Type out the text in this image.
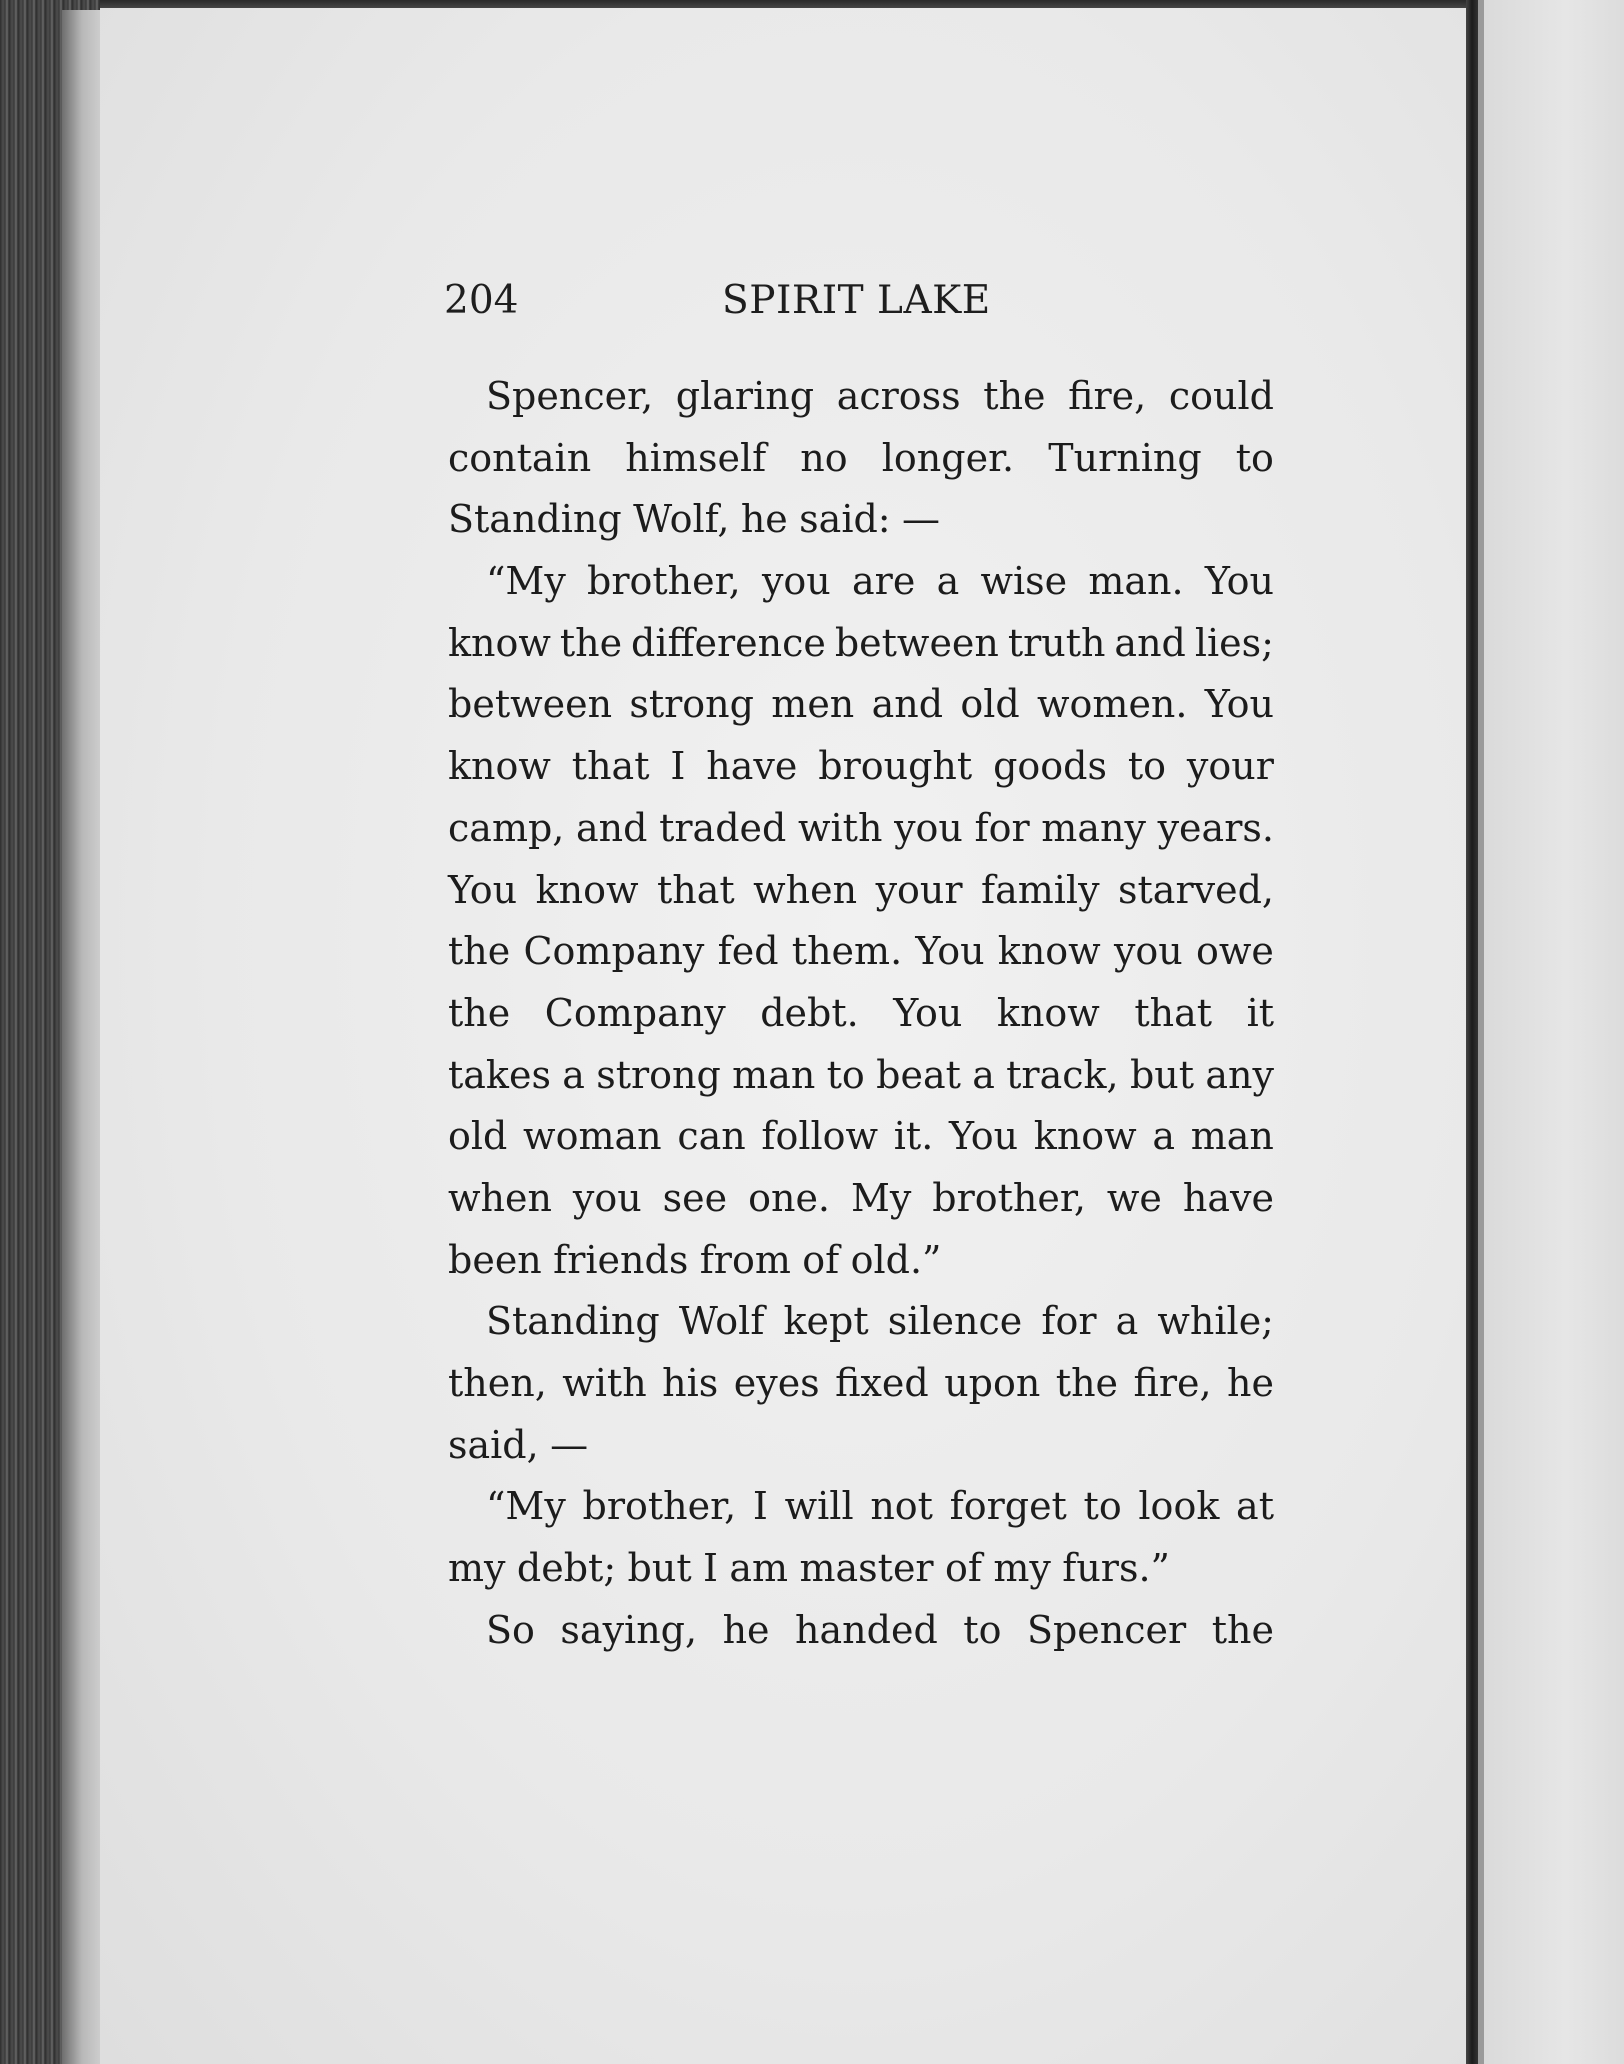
204	SPIRIT LAKE
Spencer, glaring across the fire, could
contain himself no longer. Turning to
Standing Wolf, he said: —
“My brother, you are a wise man. You
know the difference between truth and lies;
between strong men and old women. You
know that I have brought goods to your
camp, and traded with you for many years.
You know that when your family starved,
the Company fed them. You know you owe
the Company debt. You know that it
takes a strong man to beat a track, but any
old woman can follow it. You know a man
when you see one. My brother, we have
been friends from of old.”
Standing Wolf kept silence for a while;
then, with his eyes fixed upon the fire, he
said, —
“My brother, I will not forget to look at
my debt; but I am master of my furs.”
So saying, he handed to Spencer the
